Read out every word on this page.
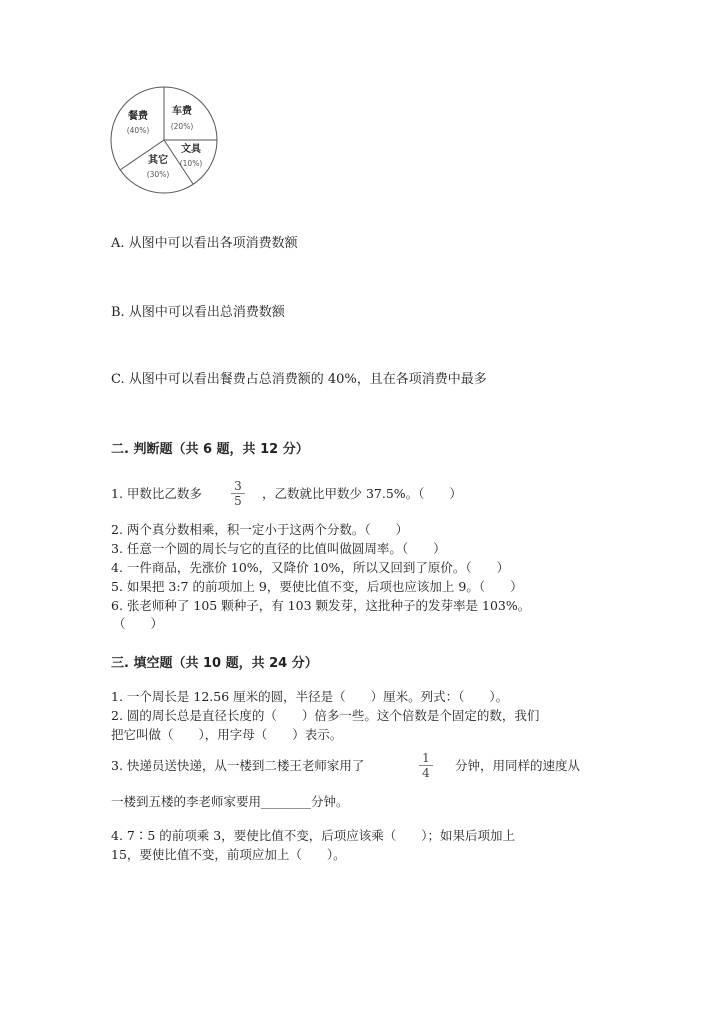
车费
(20%)
文具
(10%)
其它
(30%)
餐费
(40%)
A. 从图中可以看出各项消费数额
B. 从图中可以看出总消费数额
C. 从图中可以看出餐费占总消费额的 40%，且在各项消费中最多
二. 判断题（共 6 题，共 12 分）
1. 甲数比乙数多 $\frac{3}{5}$ ，乙数就比甲数少 37.5%。（　　）
2. 两个真分数相乘，积一定小于这两个分数。（　　）
3. 任意一个圆的周长与它的直径的比值叫做圆周率。（　　）
4. 一件商品，先涨价 10%，又降价 10%，所以又回到了原价。（　　）
5. 如果把 3:7 的前项加上 9，要使比值不变，后项也应该加上 9。（　　）
6. 张老师种了 105 颗种子，有 103 颗发芽，这批种子的发芽率是 103%。
（　　）
三. 填空题（共 10 题，共 24 分）
1. 一个周长是 12.56 厘米的圆，半径是（　　）厘米。列式：（　　）。
2. 圆的周长总是直径长度的（　　）倍多一些。这个倍数是个固定的数，我们
把它叫做（　　），用字母（　　）表示。
3. 快递员送快递，从一楼到二楼王老师家用了	$\frac{1}{4}$ 分钟，用同样的速度从
一楼到五楼的李老师家要用________分钟。
4. 7∶5 的前项乘 3，要使比值不变，后项应该乘（　　）；如果后项加上
15，要使比值不变，前项应加上（　　）。
